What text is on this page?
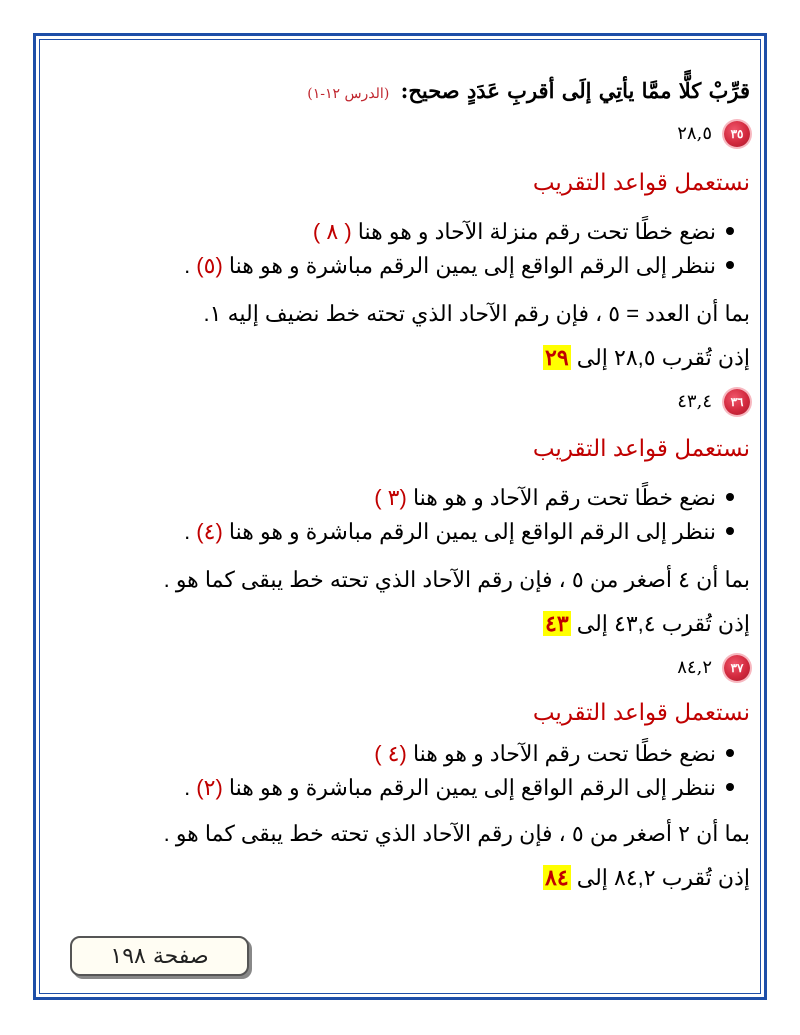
قرِّبْ كلًّا ممَّا يأتِي إلَى أقربِ عَدَدٍ صحيح: (الدرس ١٢-١)
٣٥
٢٨,٥
نستعمل قواعد التقريب
نضع خطًا تحت رقم منزلة الآحاد و هو هنا ( ٨ )
ننظر إلى الرقم الواقع إلى يمين الرقم مباشرة و هو هنا (٥) .
بما أن العدد = ٥ ، فإن رقم الآحاد الذي تحته خط نضيف إليه ١.
إذن تُقرب ٢٨,٥ إلى ٢٩
٣٦
٤٣,٤
نستعمل قواعد التقريب
نضع خطًا تحت رقم الآحاد و هو هنا (٣ )
ننظر إلى الرقم الواقع إلى يمين الرقم مباشرة و هو هنا (٤) .
بما أن ٤ أصغر من ٥ ، فإن رقم الآحاد الذي تحته خط يبقى كما هو .
إذن تُقرب ٤٣,٤ إلى ٤٣
٣٧
٨٤,٢
نستعمل قواعد التقريب
نضع خطًا تحت رقم الآحاد و هو هنا (٤ )
ننظر إلى الرقم الواقع إلى يمين الرقم مباشرة و هو هنا (٢) .
بما أن ٢ أصغر من ٥ ، فإن رقم الآحاد الذي تحته خط يبقى كما هو .
إذن تُقرب ٨٤,٢ إلى ٨٤
صفحة ١٩٨
